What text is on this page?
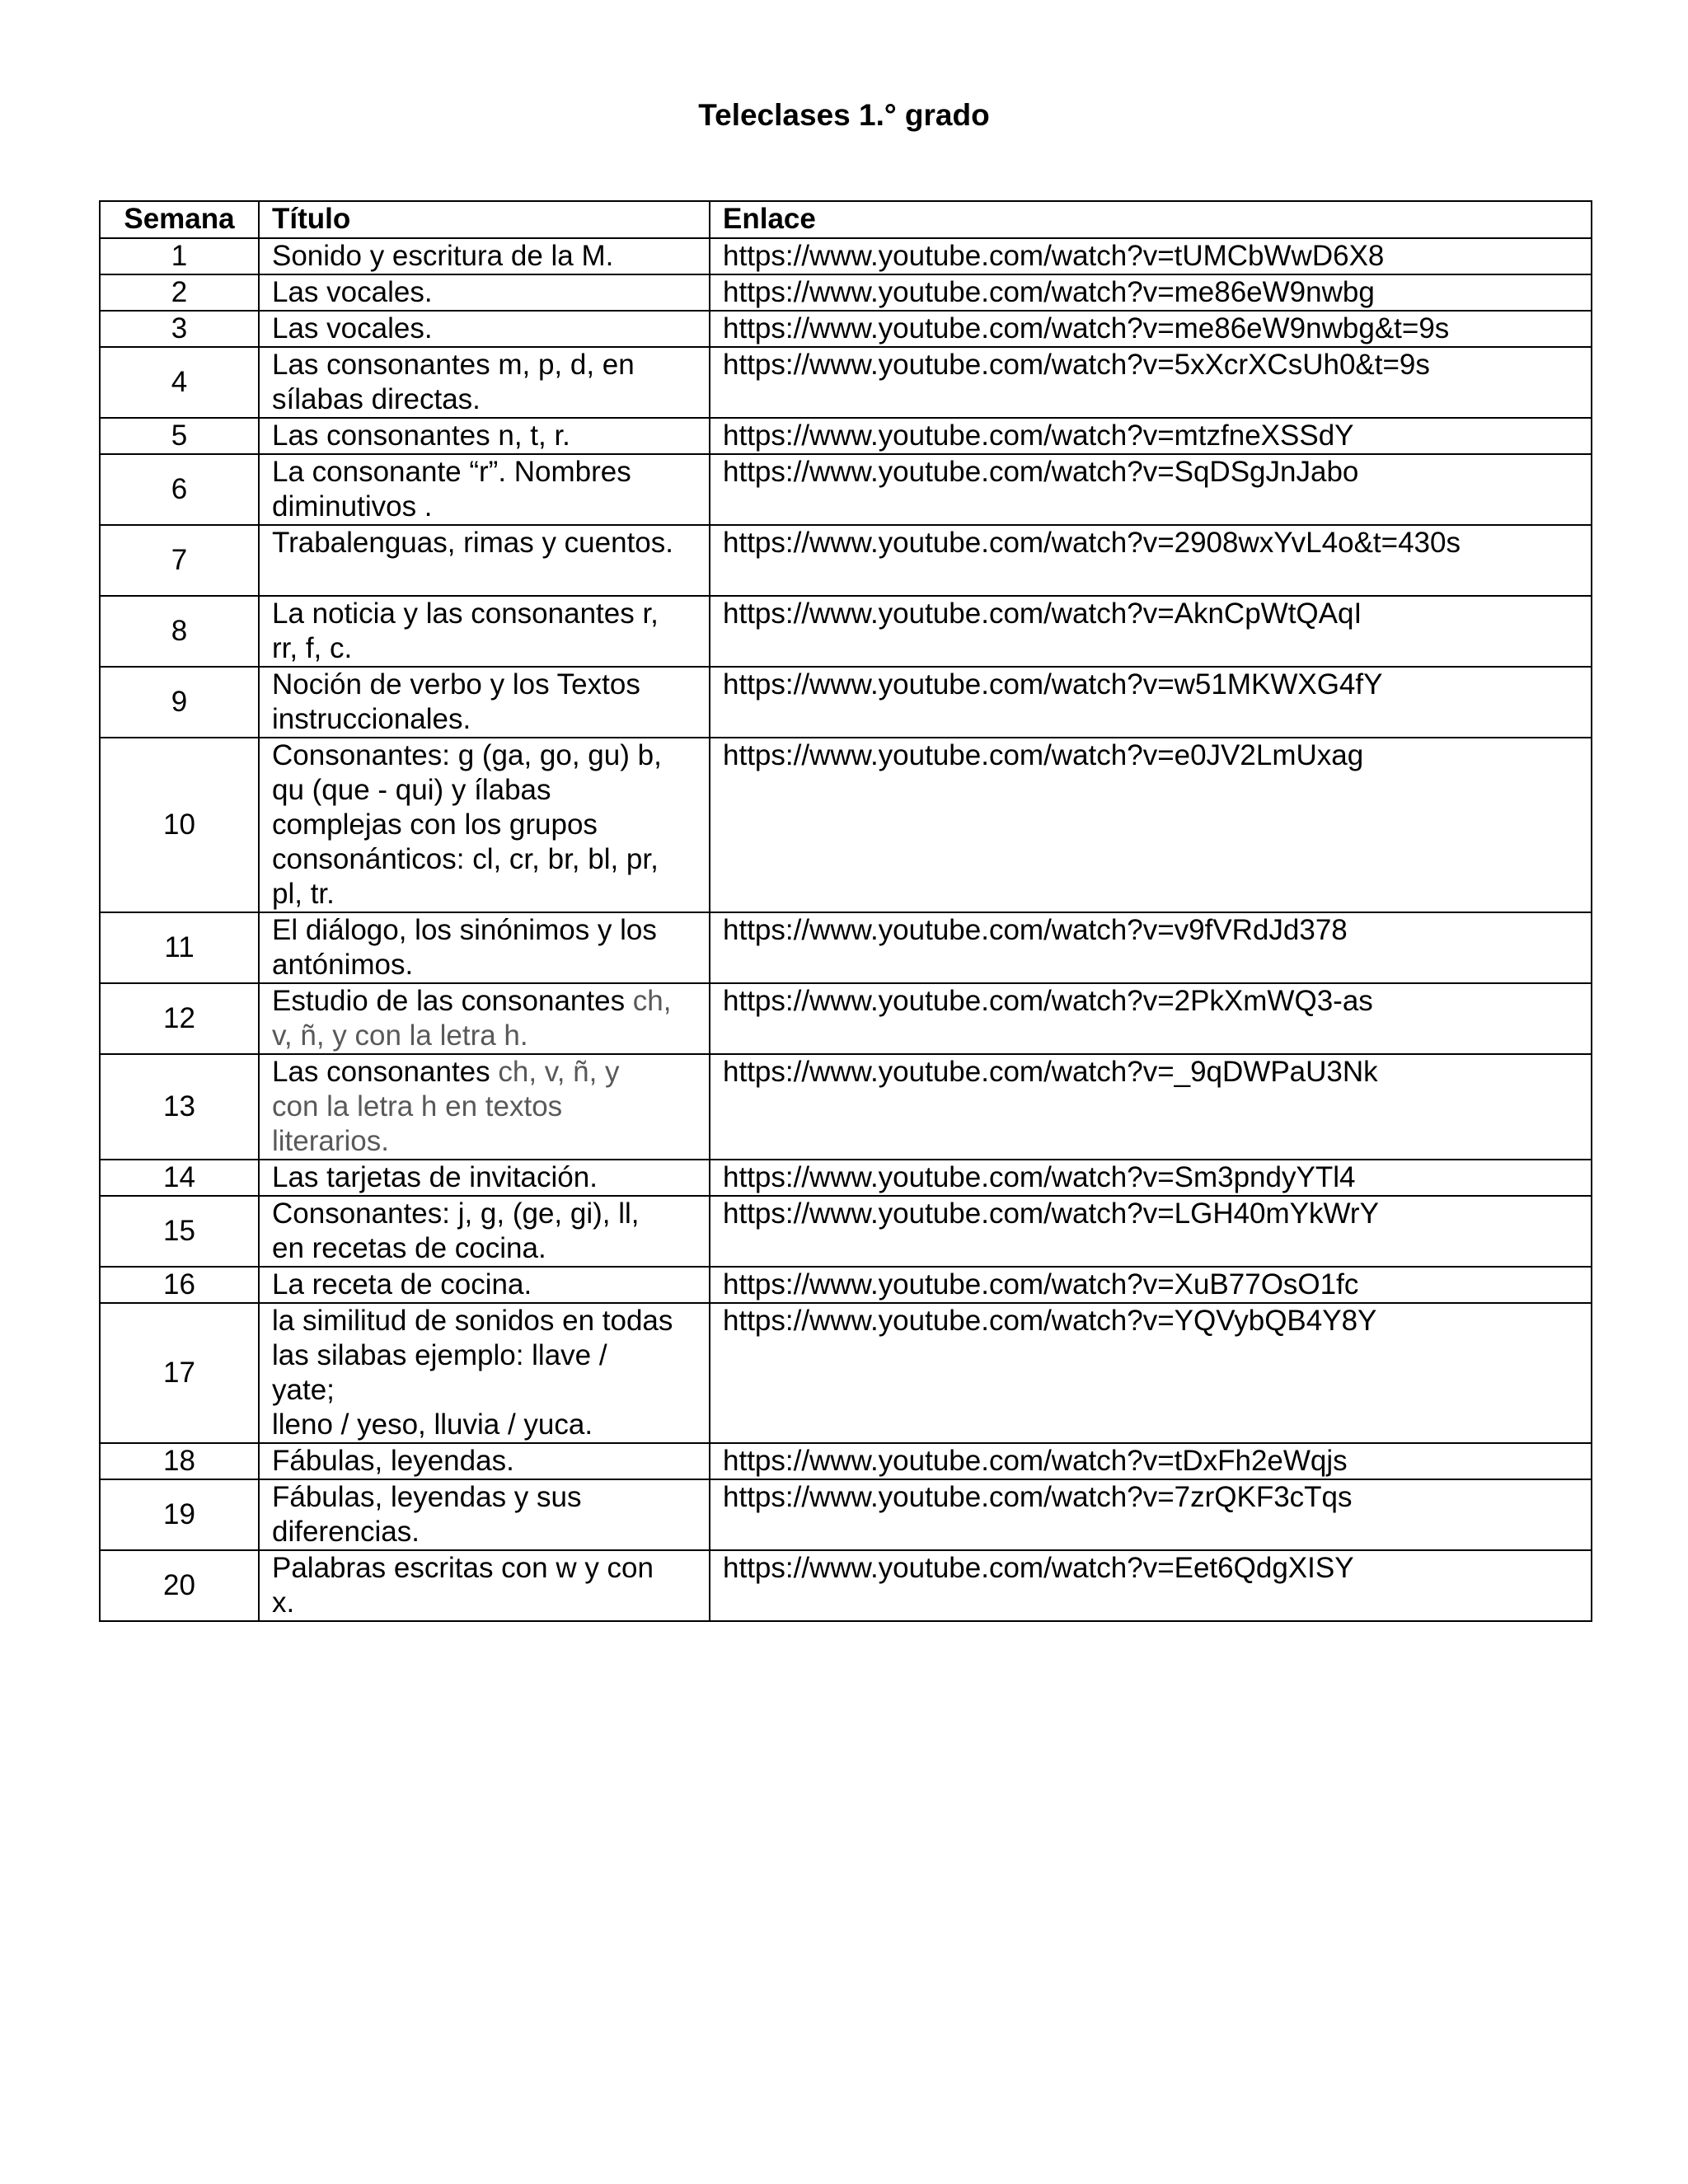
Teleclases 1.° grado
Semana	Título	Enlace
1	Sonido y escritura de la M.	https://www.youtube.com/watch?v=tUMCbWwD6X8
2	Las vocales.	https://www.youtube.com/watch?v=me86eW9nwbg
3	Las vocales.	https://www.youtube.com/watch?v=me86eW9nwbg&t=9s
4	Las consonantes m, p, d, en
sílabas directas.	https://www.youtube.com/watch?v=5xXcrXCsUh0&t=9s
5	Las consonantes n, t, r.	https://www.youtube.com/watch?v=mtzfneXSSdY
6	La consonante “r”. Nombres
diminutivos .	https://www.youtube.com/watch?v=SqDSgJnJabo
7	Trabalenguas, rimas y cuentos.	https://www.youtube.com/watch?v=2908wxYvL4o&t=430s
8	La noticia y las consonantes r,
rr, f, c.	https://www.youtube.com/watch?v=AknCpWtQAqI
9	Noción de verbo y los Textos
instruccionales.	https://www.youtube.com/watch?v=w51MKWXG4fY
10	Consonantes: g (ga, go, gu) b,
qu (que - qui) y ílabas
complejas con los grupos
consonánticos: cl, cr, br, bl, pr,
pl, tr.	https://www.youtube.com/watch?v=e0JV2LmUxag
11	El diálogo, los sinónimos y los
antónimos.	https://www.youtube.com/watch?v=v9fVRdJd378
12	Estudio de las consonantes ch,
v, ñ, y con la letra h.	https://www.youtube.com/watch?v=2PkXmWQ3-as
13	Las consonantes ch, v, ñ, y
con la letra h en textos
literarios.	https://www.youtube.com/watch?v=_9qDWPaU3Nk
14	Las tarjetas de invitación.	https://www.youtube.com/watch?v=Sm3pndyYTl4
15	Consonantes: j, g, (ge, gi), ll,
en recetas de cocina.	https://www.youtube.com/watch?v=LGH40mYkWrY
16	La receta de cocina.	https://www.youtube.com/watch?v=XuB77OsO1fc
17	la similitud de sonidos en todas
las silabas ejemplo: llave /
yate;
lleno / yeso, lluvia / yuca.	https://www.youtube.com/watch?v=YQVybQB4Y8Y
18	Fábulas, leyendas.	https://www.youtube.com/watch?v=tDxFh2eWqjs
19	Fábulas, leyendas y sus
diferencias.	https://www.youtube.com/watch?v=7zrQKF3cTqs
20	Palabras escritas con w y con
x.	https://www.youtube.com/watch?v=Eet6QdgXISY
